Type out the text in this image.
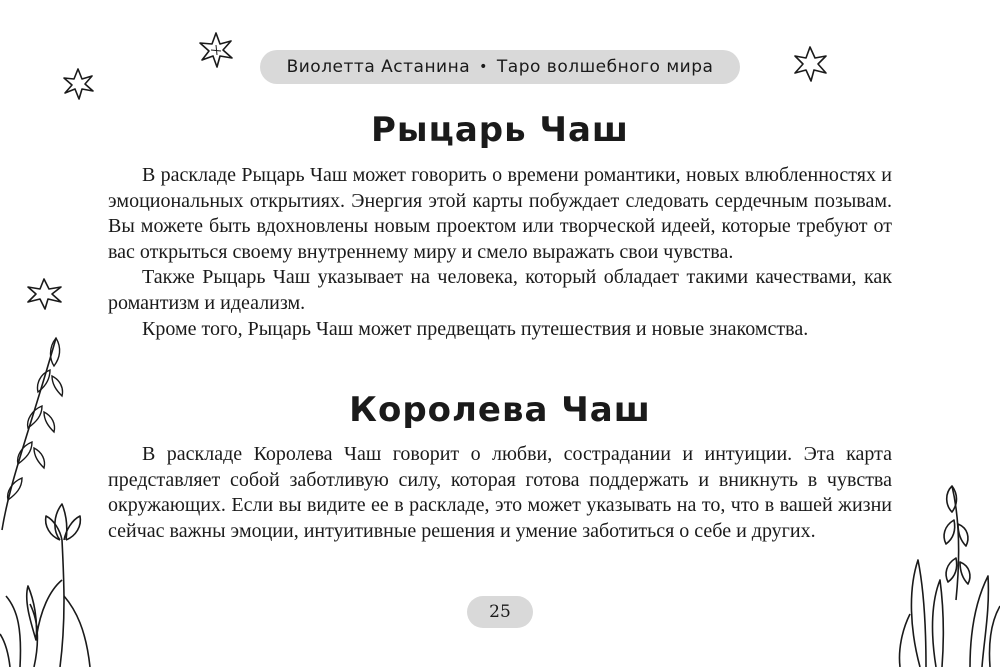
Виолетта Астанина • Таро волшебного мира
Рыцарь Чаш

В раскладе Рыцарь Чаш может говорить о времени романтики, новых влюбленностях и эмоциональных открытиях. Энергия этой карты побуждает следовать сердечным позывам. Вы можете быть вдохновлены новым проектом или творческой идеей, которые требуют от вас открыться своему внутреннему миру и смело выражать свои чувства.

Также Рыцарь Чаш указывает на человека, который обладает такими качествами, как романтизм и идеализм.

Кроме того, Рыцарь Чаш может предвещать путешествия и новые знакомства.

Королева Чаш

В раскладе Королева Чаш говорит о любви, сострадании и интуиции. Эта карта представляет собой заботливую силу, которая готова поддержать и вникнуть в чувства окружающих. Если вы видите ее в раскладе, это может указывать на то, что в вашей жизни сейчас важны эмоции, интуитивные решения и умение заботиться о себе и других.

25
